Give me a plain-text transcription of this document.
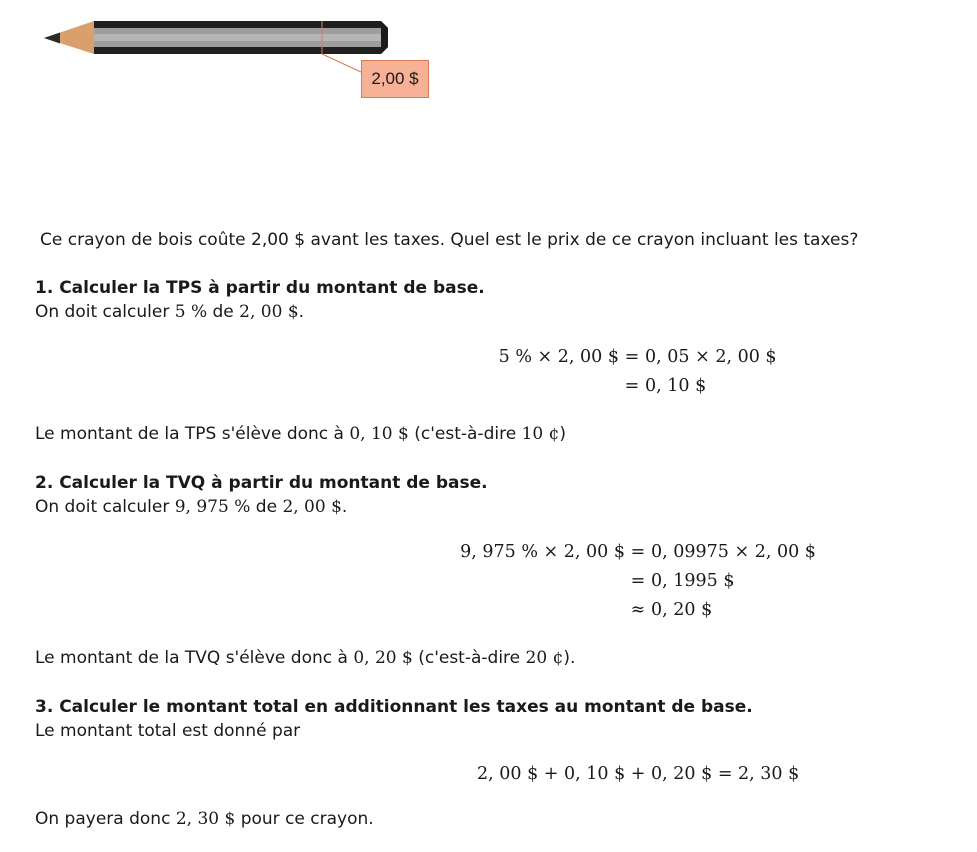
2,00 $
Ce crayon de bois coûte 2,00 $ avant les taxes. Quel est le prix de ce crayon incluant les taxes?
1. Calculer la TPS à partir du montant de base.
On doit calculer 5 % de 2, 00 $.
5 % × 2, 00 $ = 0, 05 × 2, 00 $
= 0, 10 $
Le montant de la TPS s'élève donc à 0, 10 $ (c'est-à-dire 10 ¢)
2. Calculer la TVQ à partir du montant de base.
On doit calculer 9, 975 % de 2, 00 $.
9, 975 % × 2, 00 $ = 0, 09975 × 2, 00 $
= 0, 1995 $
≈ 0, 20 $
Le montant de la TVQ s'élève donc à 0, 20 $ (c'est-à-dire 20 ¢).
3. Calculer le montant total en additionnant les taxes au montant de base.
Le montant total est donné par
2, 00 $ + 0, 10 $ + 0, 20 $ = 2, 30 $
On payera donc 2, 30 $ pour ce crayon.
